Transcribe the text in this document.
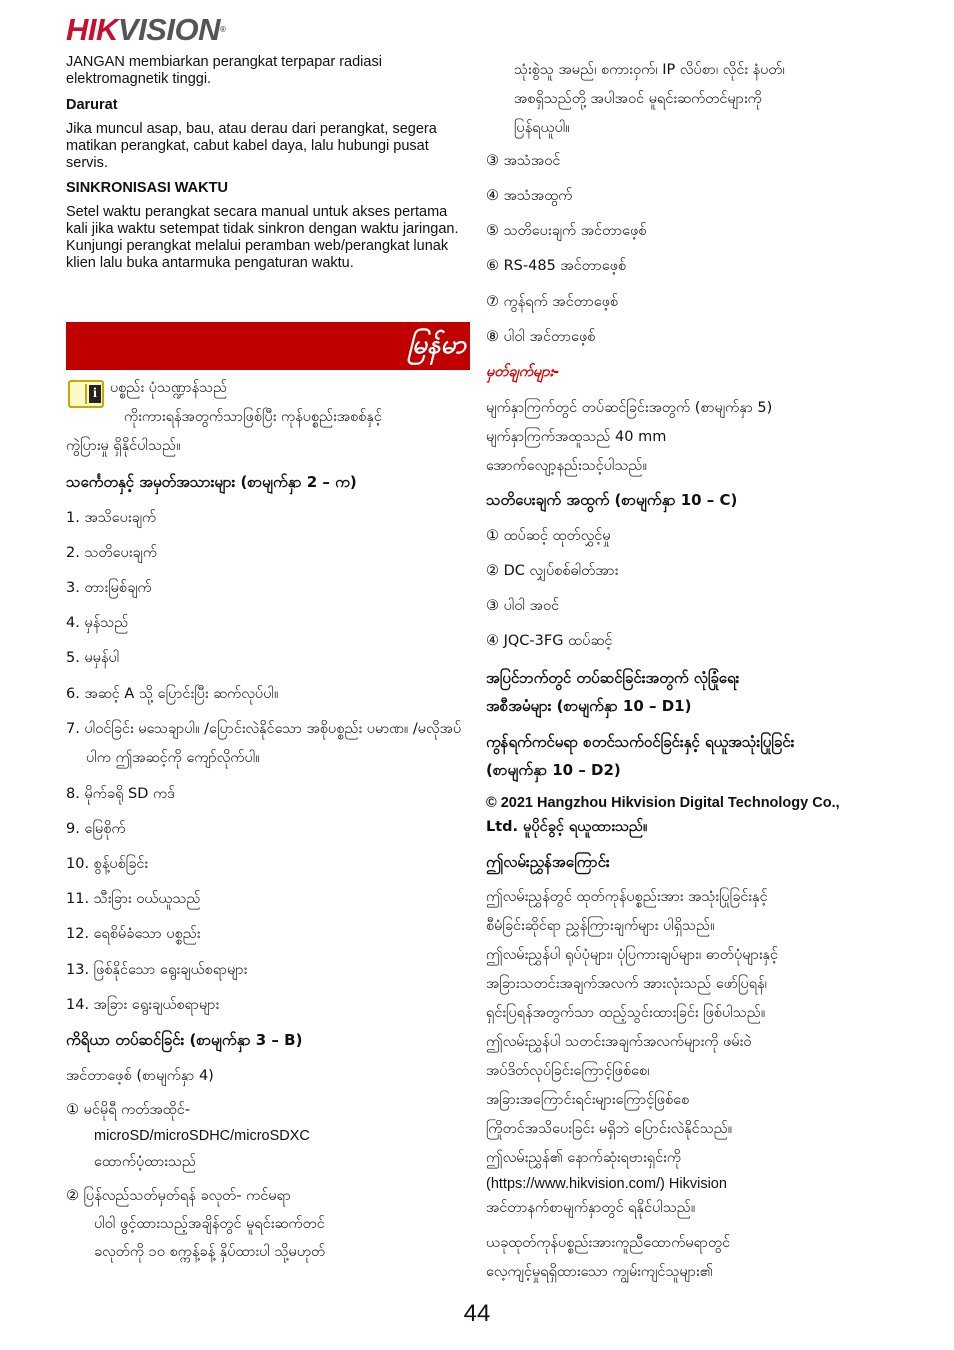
HIKVISION®

JANGAN membiarkan perangkat terpapar radiasi elektromagnetik tinggi.

Darurat

Jika muncul asap, bau, atau derau dari perangkat, segera matikan perangkat, cabut kabel daya, lalu hubungi pusat servis.

SINKRONISASI WAKTU

Setel waktu perangkat secara manual untuk akses pertama kali jika waktu setempat tidak sinkron dengan waktu jaringan. Kunjungi perangkat melalui peramban web/perangkat lunak klien lalu buka antarmuka pengaturan waktu.

မြန်မာ
i ပစ္စည်း ပုံသဏ္ဍာန်သည်

ကိုးကားရန်အတွက်သာဖြစ်ပြီး ကုန်ပစ္စည်းအစစ်နှင့်

ကွဲပြားမှု ရှိနိုင်ပါသည်။

သင်္ကေတနှင့် အမှတ်အသားများ (စာမျက်နှာ 2 – က)

1. အသိပေးချက်

2. သတိပေးချက်

3. တားမြစ်ချက်

4. မှန်သည်

5. မမှန်ပါ

6. အဆင့် A သို့ ပြောင်းပြီး ဆက်လုပ်ပါ။

7. ပါဝင်ခြင်း မသေချာပါ။ /ပြောင်းလဲနိုင်သော အစိုပစ္စည်း ပမာဏ။ /မလိုအပ်ပါက ဤအဆင့်ကို ကျော်လိုက်ပါ။

8. မိုက်ခရို SD ကဒ်

9. မြေစိုက်

10. စွန့်ပစ်ခြင်း

11. သီးခြား ဝယ်ယူသည်

12. ရေစိမ်ခံသော ပစ္စည်း

13. ဖြစ်နိုင်သော ရွေးချယ်စရာများ

14. အခြား ရွေးချယ်စရာများ

ကိရိယာ တပ်ဆင်ခြင်း (စာမျက်နှာ 3 – B)

အင်တာဖေ့စ် (စာမျက်နှာ 4)

① မင်မိုရီ ကတ်အထိုင်-

microSD/microSDHC/microSDXC

ထောက်ပံ့ထားသည်

② ပြန်လည်သတ်မှတ်ရန် ခလုတ်- ကင်မရာ

ပါဝါ ဖွင့်ထားသည့်အချိန်တွင် မူရင်းဆက်တင်

ခလုတ်ကို ၁၀ စက္ကန့်ခန့် နှိပ်ထားပါ သို့မဟုတ်

သုံးစွဲသူ အမည်၊ စကားဝှက်၊ IP လိပ်စာ၊ လိုင်း နံပတ်၊

အစရှိသည်တို့ အပါအဝင် မူရင်းဆက်တင်များကို

ပြန်ရယူပါ။

③ အသံအဝင်

④ အသံအထွက်

⑤ သတိပေးချက် အင်တာဖေ့စ်

⑥ RS-485 အင်တာဖေ့စ်

⑦ ကွန်ရက် အင်တာဖေ့စ်

⑧ ပါဝါ အင်တာဖေ့စ်

မှတ်ချက်များ-

မျက်နှာကြက်တွင် တပ်ဆင်ခြင်းအတွက် (စာမျက်နှာ 5)

မျက်နှာကြက်အထူသည် 40 mm

အောက်လျော့နည်းသင့်ပါသည်။

သတိပေးချက် အထွက် (စာမျက်နှာ 10 – C)

① ထပ်ဆင့် ထုတ်လွှင့်မှု

② DC လျှပ်စစ်ဓါတ်အား

③ ပါဝါ အဝင်

④ JQC-3FG ထပ်ဆင့်

အပြင်ဘက်တွင် တပ်ဆင်ခြင်းအတွက် လုံခြုံရေး

အစီအမံများ (စာမျက်နှာ 10 – D1)

ကွန်ရက်ကင်မရာ စတင်သက်ဝင်ခြင်းနှင့် ရယူအသုံးပြုခြင်း

(စာမျက်နှာ 10 – D2)

© 2021 Hangzhou Hikvision Digital Technology Co.,

Ltd. မူပိုင်ခွင့် ရယူထားသည်။

ဤလမ်းညွှန်အကြောင်း

ဤလမ်းညွှန်တွင် ထုတ်ကုန်ပစ္စည်းအား အသုံးပြုခြင်းနှင့်

စီမံခြင်းဆိုင်ရာ ညွှန်ကြားချက်များ ပါရှိသည်။

ဤလမ်းညွှန်ပါ ရုပ်ပုံများ၊ ပုံပြကားချပ်များ၊ ဓာတ်ပုံများနှင့်

အခြားသတင်းအချက်အလက် အားလုံးသည် ဖော်ပြရန်၊

ရှင်းပြရန်အတွက်သာ ထည့်သွင်းထားခြင်း ဖြစ်ပါသည်။

ဤလမ်းညွှန်ပါ သတင်းအချက်အလက်များကို ဖမ်းဝဲ

အပ်ဒိတ်လုပ်ခြင်းကြောင့်ဖြစ်စေ၊

အခြားအကြောင်းရင်းများကြောင့်ဖြစ်စေ

ကြိုတင်အသိပေးခြင်း မရှိဘဲ ပြောင်းလဲနိုင်သည်။

ဤလမ်းညွှန်၏ နောက်ဆုံးရဗားရှင်းကို

(https://www.hikvision.com/) Hikvision

အင်တာနက်စာမျက်နှာတွင် ရနိုင်ပါသည်။

ယခုထုတ်ကုန်ပစ္စည်းအားကူညီထောက်မရာတွင်

လေ့ကျင့်မှုရရှိထားသော ကျွမ်းကျင်သူများ၏

44
